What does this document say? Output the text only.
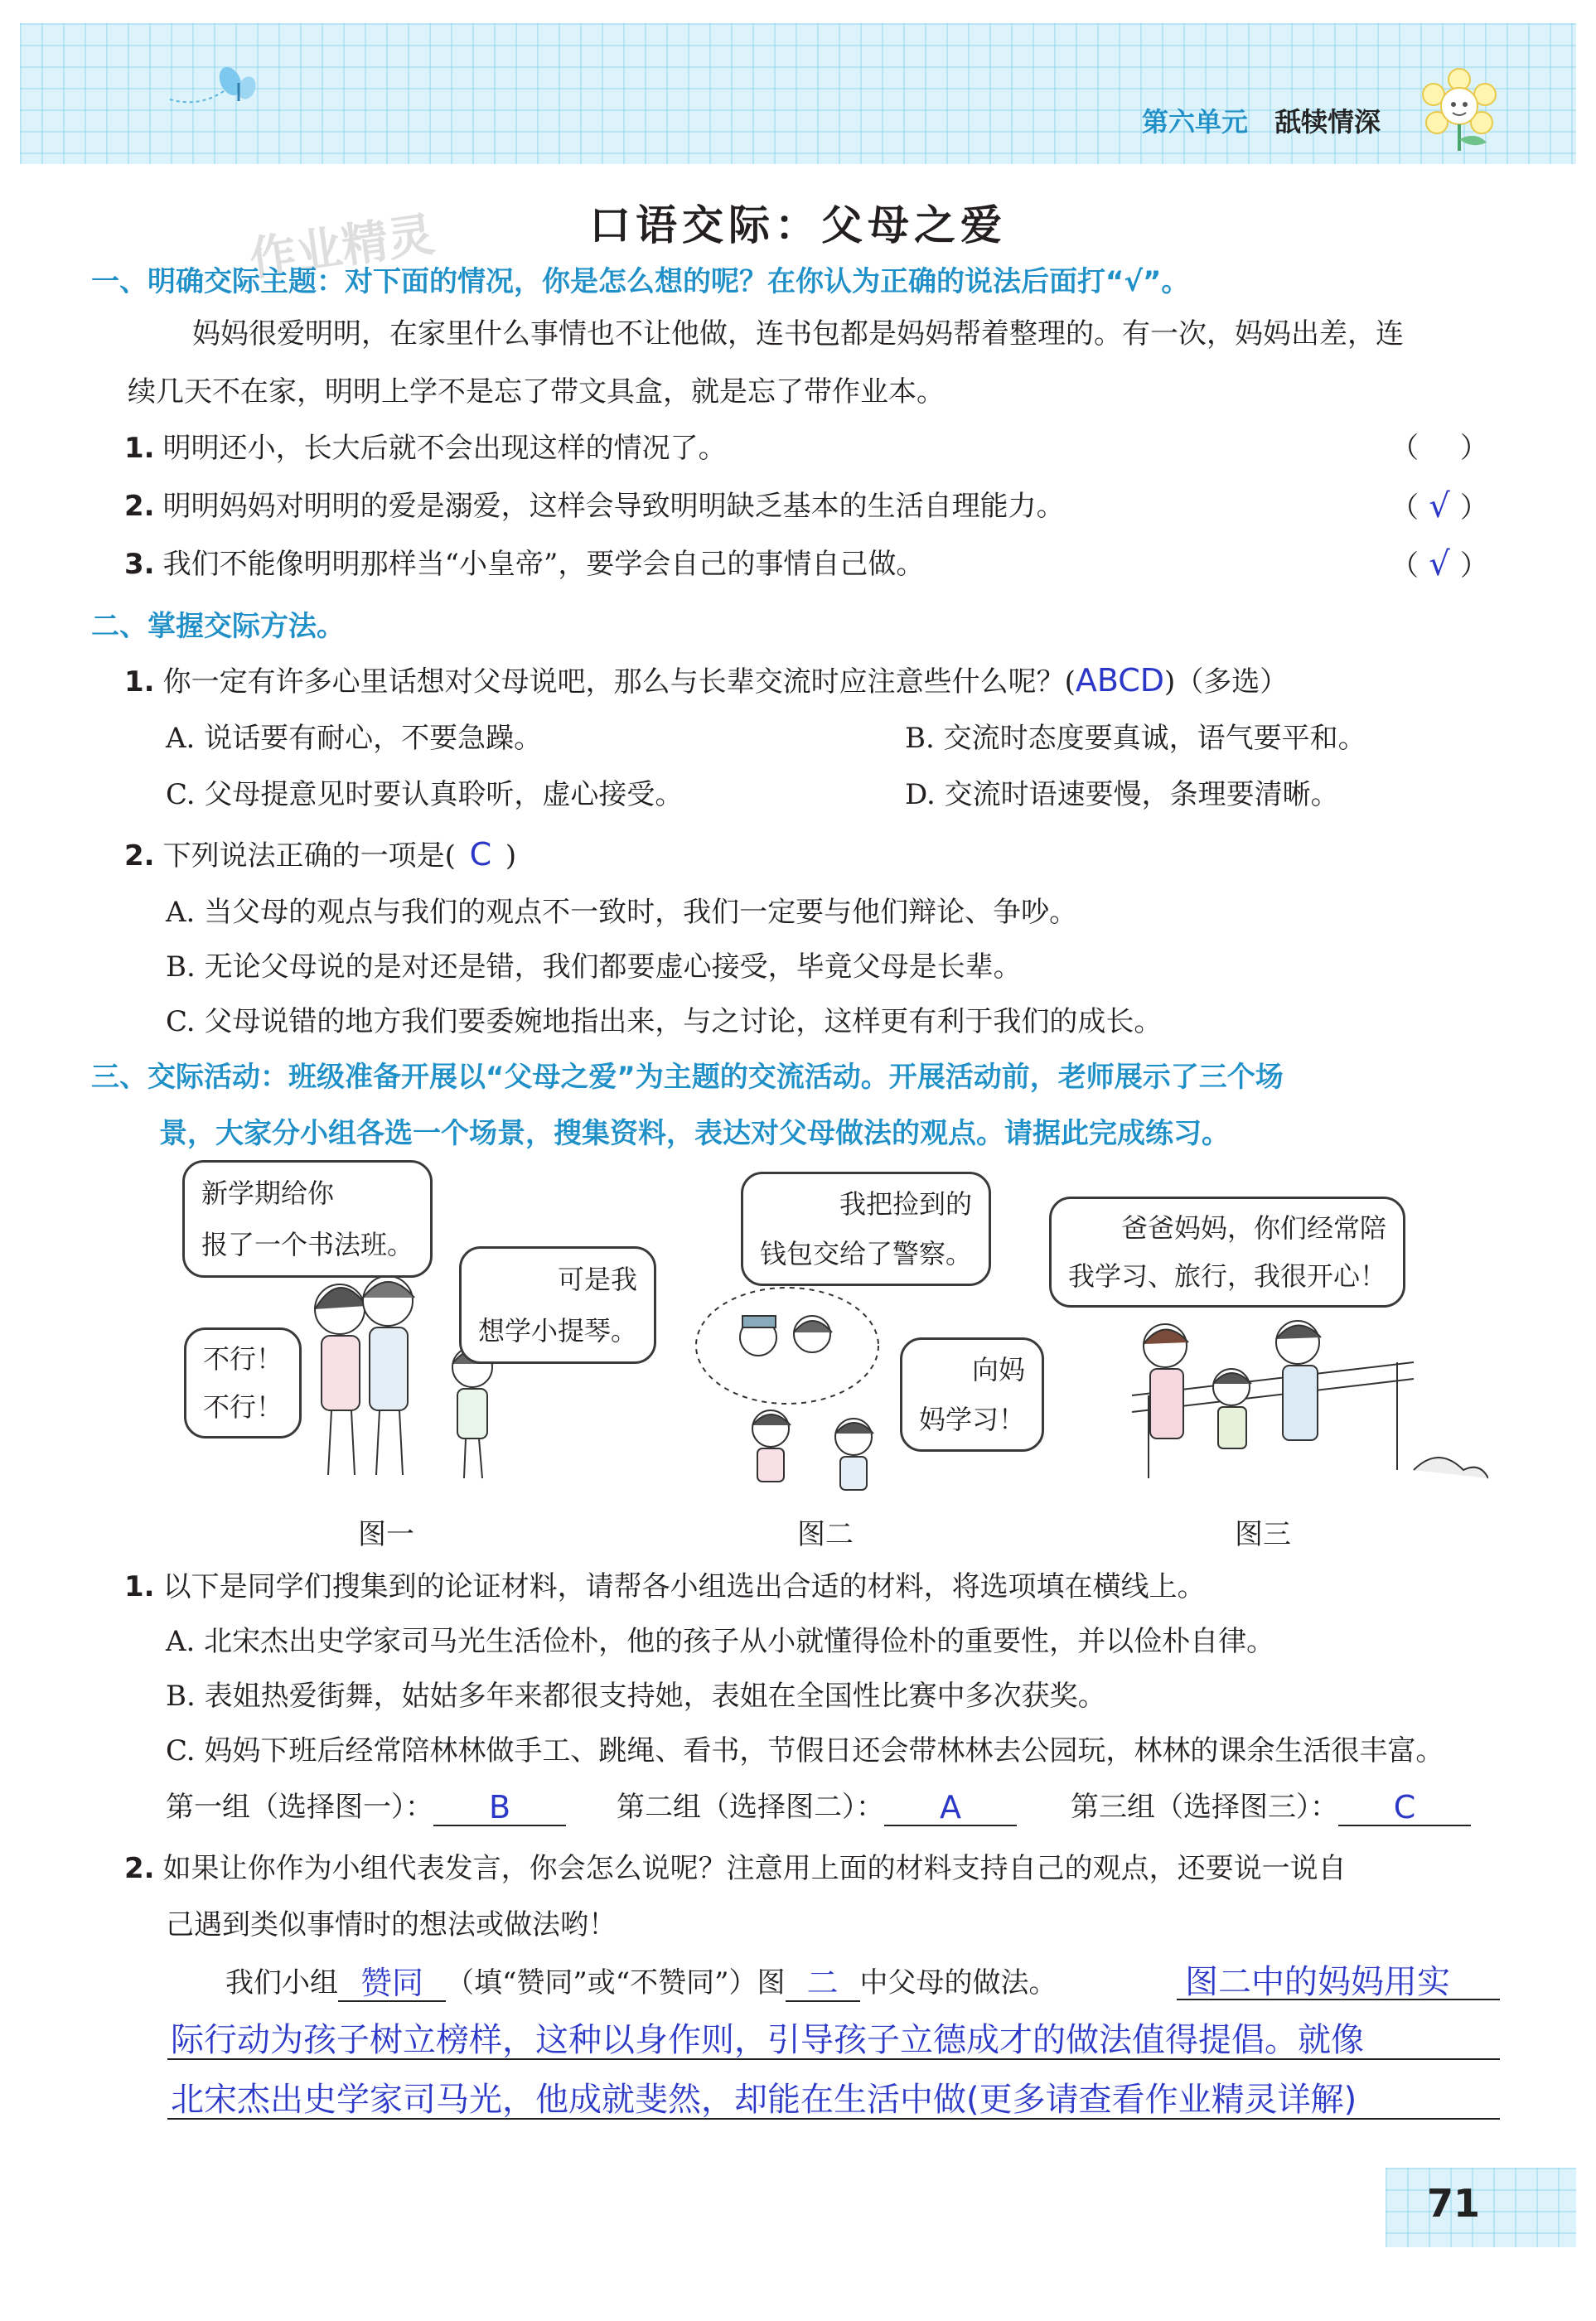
第六单元 舐犊情深
口语交际：父母之爱
作业精灵
一、明确交际主题：对下面的情况，你是怎么想的呢？在你认为正确的说法后面打“√”。
妈妈很爱明明，在家里什么事情也不让他做，连书包都是妈妈帮着整理的。有一次，妈妈出差，连
续几天不在家，明明上学不是忘了带文具盒，就是忘了带作业本。
1. 明明还小，长大后就不会出现这样的情况了。	（ ）
2. 明明妈妈对明明的爱是溺爱，这样会导致明明缺乏基本的生活自理能力。	（ √ ）
3. 我们不能像明明那样当“小皇帝”，要学会自己的事情自己做。	（ √ ）
二、掌握交际方法。
1. 你一定有许多心里话想对父母说吧，那么与长辈交流时应注意些什么呢？(ABCD)（多选）
A. 说话要有耐心，不要急躁。	B. 交流时态度要真诚，语气要平和。
C. 父母提意见时要认真聆听，虚心接受。	D. 交流时语速要慢，条理要清晰。
2. 下列说法正确的一项是( C )
A. 当父母的观点与我们的观点不一致时，我们一定要与他们辩论、争吵。
B. 无论父母说的是对还是错，我们都要虚心接受，毕竟父母是长辈。
C. 父母说错的地方我们要委婉地指出来，与之讨论，这样更有利于我们的成长。
三、交际活动：班级准备开展以“父母之爱”为主题的交流活动。开展活动前，老师展示了三个场
景，大家分小组各选一个场景，搜集资料，表达对父母做法的观点。请据此完成练习。
新学期给你
报了一个书法班。
可是我
想学小提琴。
不行！
不行！
图一
我把捡到的
钱包交给了警察。
向妈
妈学习！
图二
爸爸妈妈，你们经常陪
我学习、旅行，我很开心！
图三
1. 以下是同学们搜集到的论证材料，请帮各小组选出合适的材料，将选项填在横线上。
A. 北宋杰出史学家司马光生活俭朴，他的孩子从小就懂得俭朴的重要性，并以俭朴自律。
B. 表姐热爱街舞，姑姑多年来都很支持她，表姐在全国性比赛中多次获奖。
C. 妈妈下班后经常陪林林做手工、跳绳、看书，节假日还会带林林去公园玩，林林的课余生活很丰富。
第一组（选择图一）： B	第二组（选择图二）： A	第三组（选择图三）： C
2. 如果让你作为小组代表发言，你会怎么说呢？注意用上面的材料支持自己的观点，还要说一说自
己遇到类似事情时的想法或做法哟！
我们小组 赞同 （填“赞同”或“不赞同”）图 二 中父母的做法。	图二中的妈妈用实
际行动为孩子树立榜样，这种以身作则，引导孩子立德成才的做法值得提倡。就像
北宋杰出史学家司马光，他成就斐然，却能在生活中做(更多请查看作业精灵详解)
71
